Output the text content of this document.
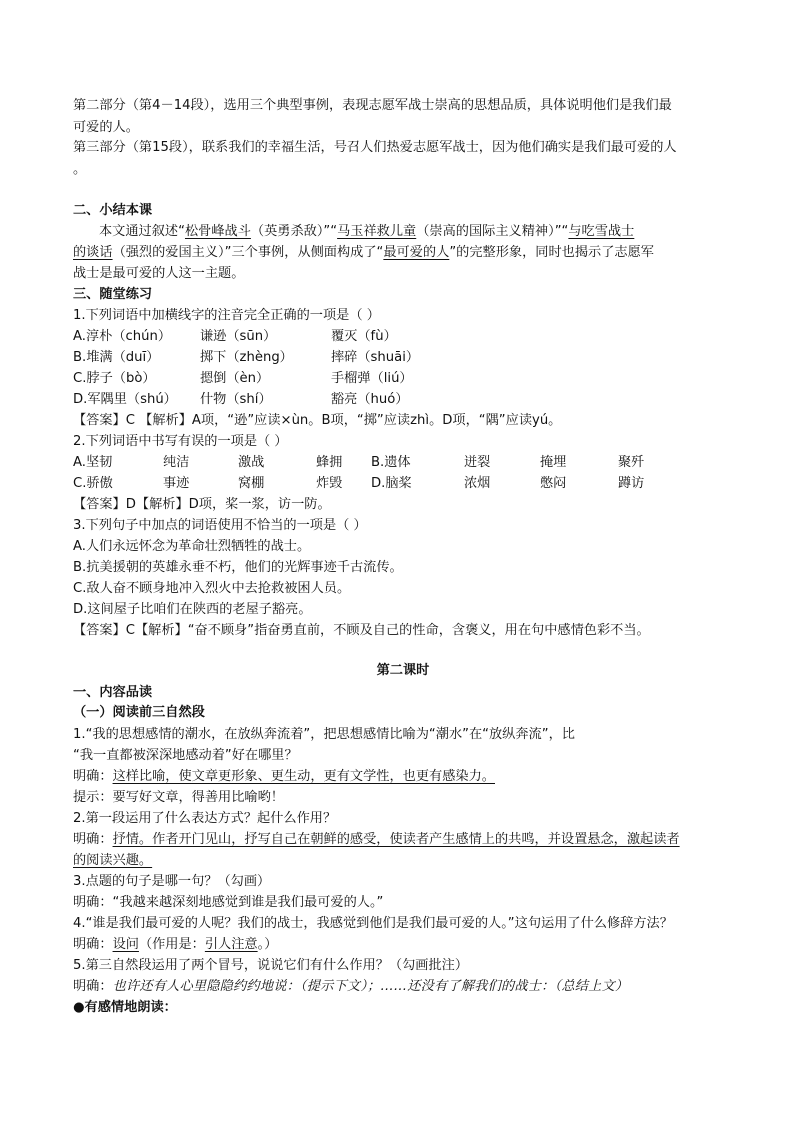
第二部分（第4－14段），选用三个典型事例，表现志愿军战士崇高的思想品质，具体说明他们是我们最
可爱的人。
第三部分（第15段），联系我们的幸福生活，号召人们热爱志愿军战士，因为他们确实是我们最可爱的人
。
二、小结本课
本文通过叙述“松骨峰战斗（英勇杀敌）”“马玉祥救儿童（崇高的国际主义精神）”“与吃雪战士
的谈话（强烈的爱国主义）”三个事例，从侧面构成了“最可爱的人”的完整形象，同时也揭示了志愿军
战士是最可爱的人这一主题。
三、随堂练习
1.下列词语中加横线字的注音完全正确的一项是（ ）
A.淳朴（chún） 谦逊（sūn）	覆灭（fù）
B.堆满（duī）	掷下（zhèng）	摔碎（shuāi）
C.脖子（bò）	摁倒（èn）	手榴弹（liú）
D.军隅里（shú） 什物（shí）	豁亮（huó）
【答案】C 【解析】A项，“逊”应读×ùn。B项，“掷”应读zhì。D项，“隅”应读yú。
2.下列词语中书写有误的一项是（ ）
A.坚韧	纯洁	激战	蜂拥 B.遗体	迸裂	掩埋	聚歼
C.骄傲	事迹	窝棚	炸毁 D.脑桨	浓烟	憋闷	蹲访
【答案】D【解析】D项，桨一浆，访一防。
3.下列句子中加点的词语使用不恰当的一项是（ ）
A.人们永远怀念为革命壮烈牺牲的战士。
B.抗美援朝的英雄永垂不朽，他们的光辉事迹千古流传。
C.敌人奋不顾身地冲入烈火中去抢救被困人员。
D.这间屋子比咱们在陕西的老屋子豁亮。
【答案】C【解析】“奋不顾身”指奋勇直前，不顾及自己的性命，含褒义，用在句中感情色彩不当。
第二课时
一、内容品读
（一）阅读前三自然段
1.“我的思想感情的潮水，在放纵奔流着”，把思想感情比喻为“潮水”在“放纵奔流”，比
“我一直都被深深地感动着”好在哪里？
明确：这样比喻，使文章更形象、更生动，更有文学性，也更有感染力。
提示：要写好文章，得善用比喻哟！
2.第一段运用了什么表达方式？起什么作用？
明确：抒情。作者开门见山，抒写自己在朝鲜的感受，使读者产生感情上的共鸣，并设置悬念，激起读者
的阅读兴趣。
3.点题的句子是哪一句？（勾画）
明确：“我越来越深刻地感觉到谁是我们最可爱的人。”
4.“谁是我们最可爱的人呢？我们的战士，我感觉到他们是我们最可爱的人。”这句运用了什么修辞方法？
明确：设问（作用是：引人注意。）
5.第三自然段运用了两个冒号，说说它们有什么作用？（勾画批注）
明确：也许还有人心里隐隐约约地说：（提示下文）；……还没有了解我们的战士：（总结上文）
●有感情地朗读：
